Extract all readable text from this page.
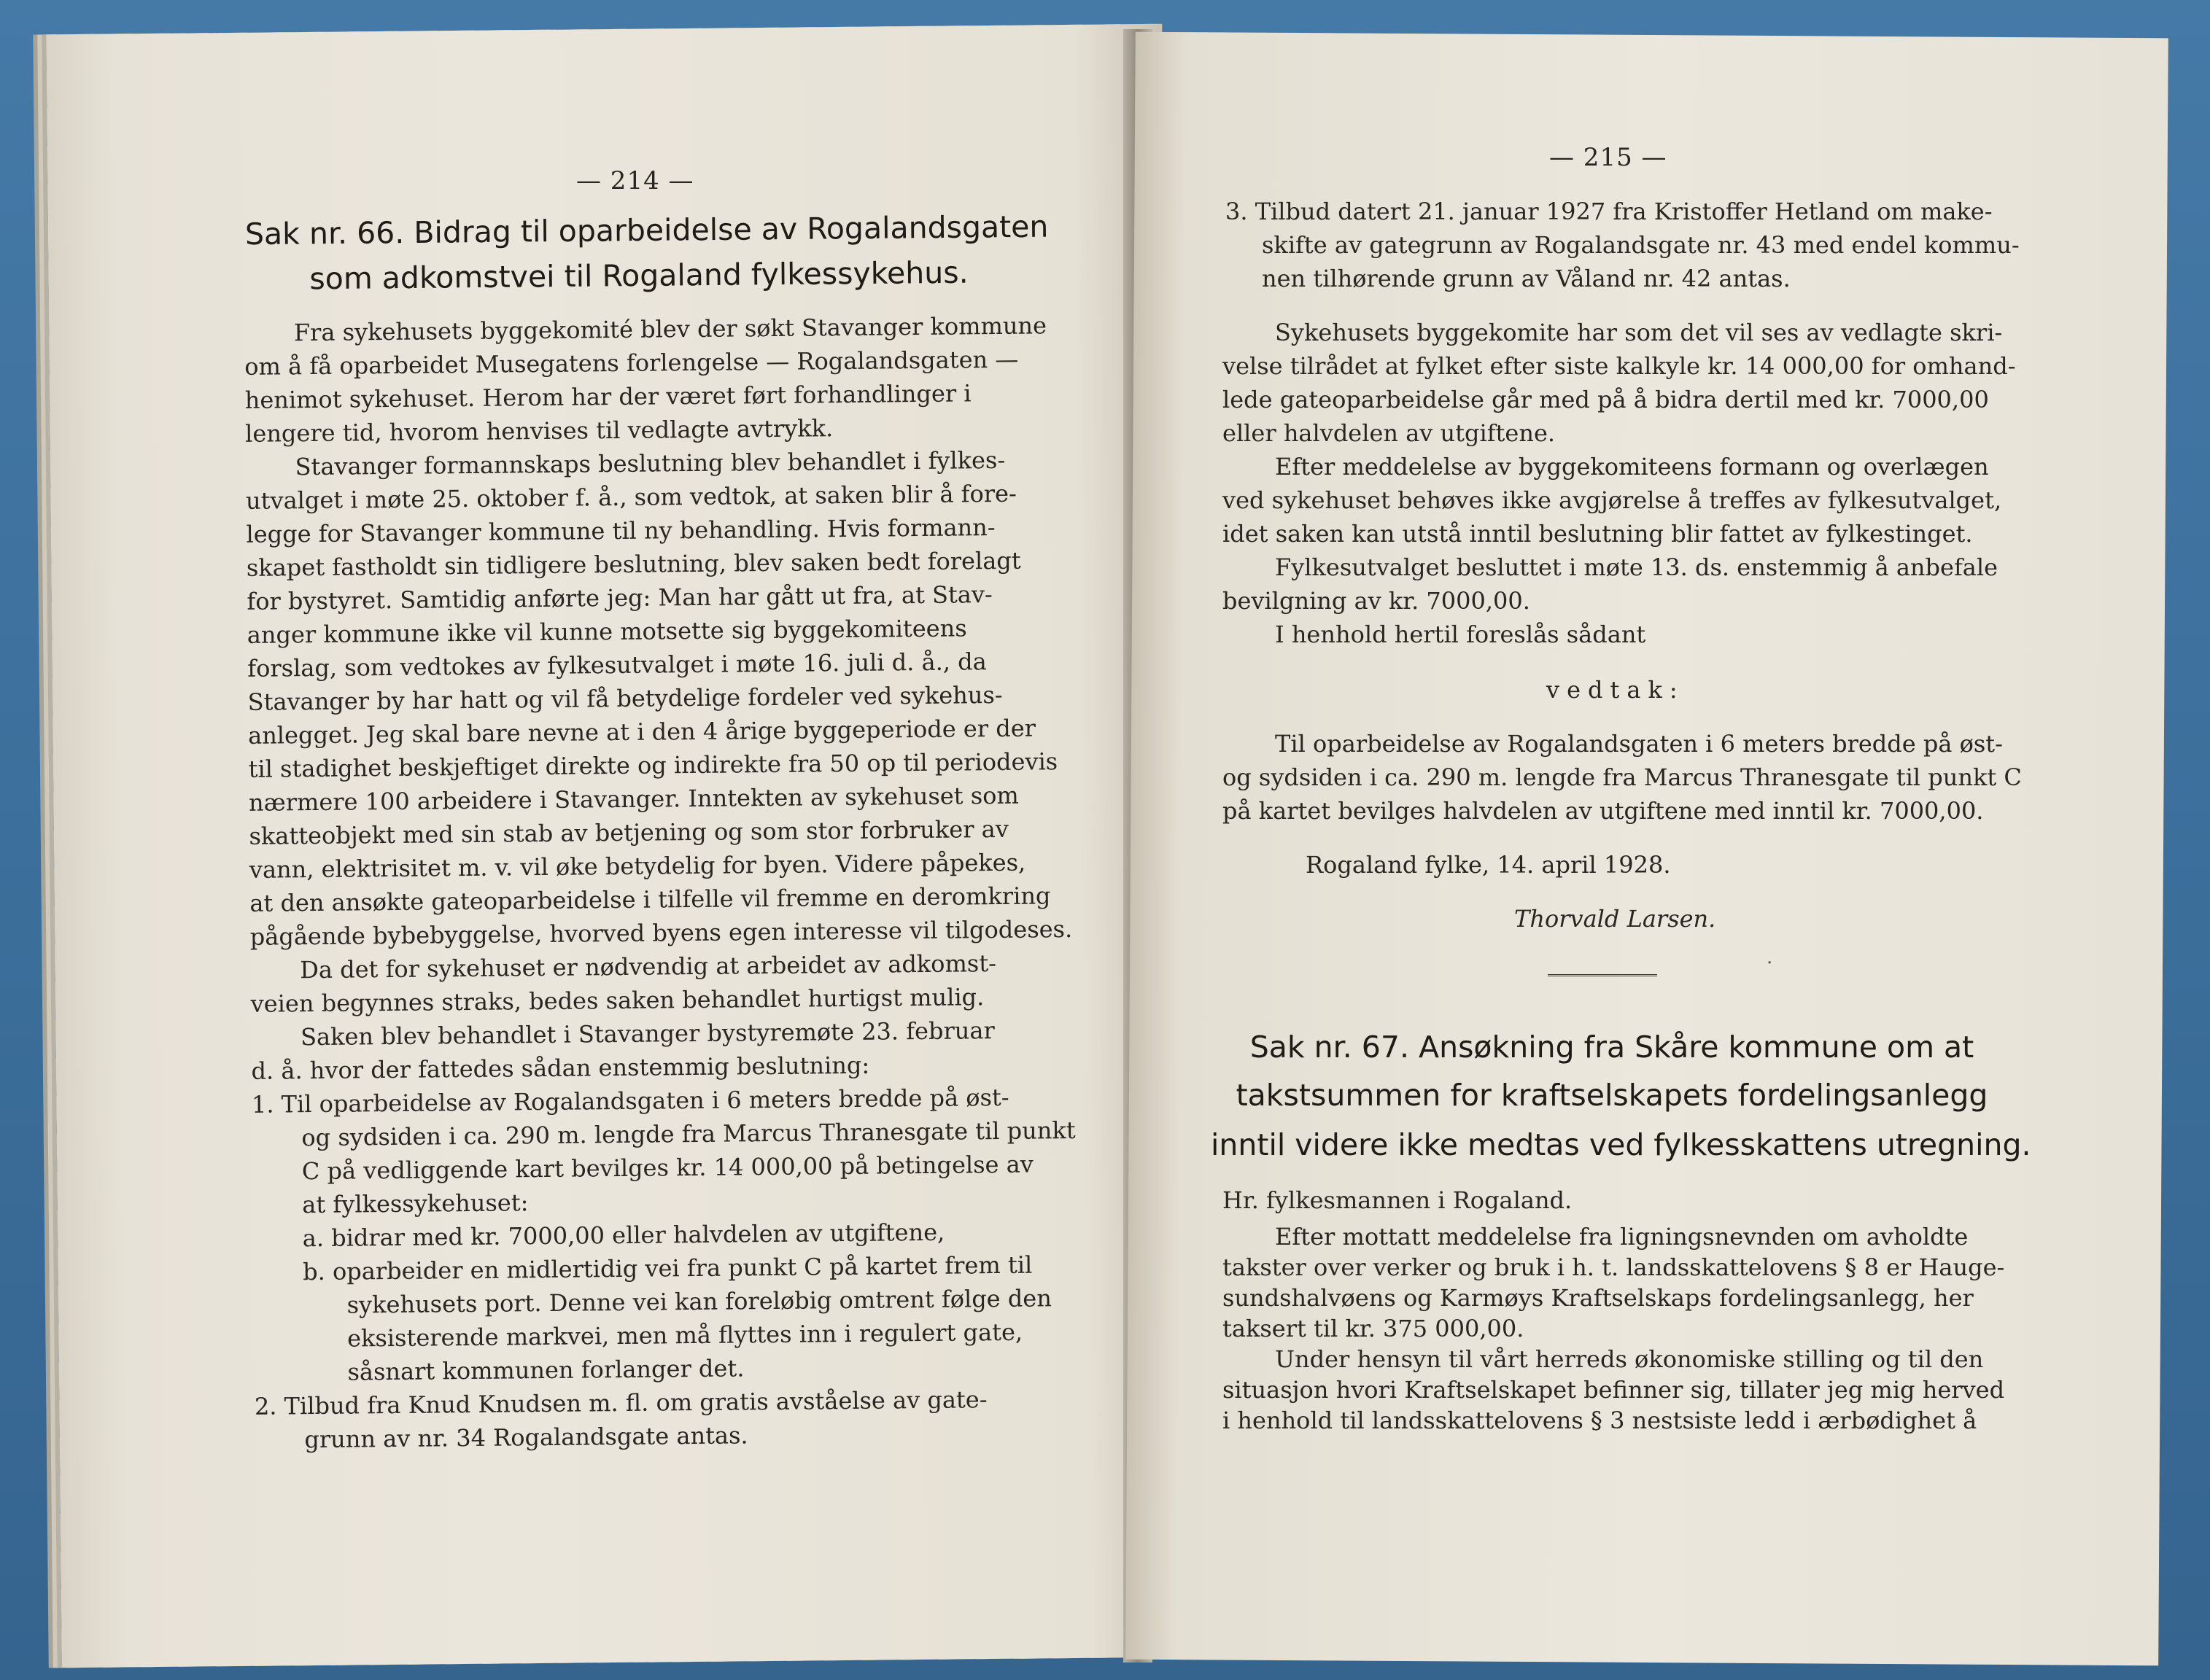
— 214 —
Sak nr. 66. Bidrag til oparbeidelse av Rogalandsgaten
som adkomstvei til Rogaland fylkessykehus.
Fra sykehusets byggekomité blev der søkt Stavanger kommune
om å få oparbeidet Musegatens forlengelse — Rogalandsgaten —
henimot sykehuset. Herom har der været ført forhandlinger i
lengere tid, hvorom henvises til vedlagte avtrykk.
Stavanger formannskaps beslutning blev behandlet i fylkes-
utvalget i møte 25. oktober f. å., som vedtok, at saken blir å fore-
legge for Stavanger kommune til ny behandling. Hvis formann-
skapet fastholdt sin tidligere beslutning, blev saken bedt forelagt
for bystyret. Samtidig anførte jeg: Man har gått ut fra, at Stav-
anger kommune ikke vil kunne motsette sig byggekomiteens
forslag, som vedtokes av fylkesutvalget i møte 16. juli d. å., da
Stavanger by har hatt og vil få betydelige fordeler ved sykehus-
anlegget. Jeg skal bare nevne at i den 4 årige byggeperiode er der
til stadighet beskjeftiget direkte og indirekte fra 50 op til periodevis
nærmere 100 arbeidere i Stavanger. Inntekten av sykehuset som
skatteobjekt med sin stab av betjening og som stor forbruker av
vann, elektrisitet m. v. vil øke betydelig for byen. Videre påpekes,
at den ansøkte gateoparbeidelse i tilfelle vil fremme en deromkring
pågående bybebyggelse, hvorved byens egen interesse vil tilgodeses.
Da det for sykehuset er nødvendig at arbeidet av adkomst-
veien begynnes straks, bedes saken behandlet hurtigst mulig.
Saken blev behandlet i Stavanger bystyremøte 23. februar
d. å. hvor der fattedes sådan enstemmig beslutning:
1. Til oparbeidelse av Rogalandsgaten i 6 meters bredde på øst-
og sydsiden i ca. 290 m. lengde fra Marcus Thranesgate til punkt
C på vedliggende kart bevilges kr. 14 000,00 på betingelse av
at fylkessykehuset:
a. bidrar med kr. 7000,00 eller halvdelen av utgiftene,
b. oparbeider en midlertidig vei fra punkt C på kartet frem til
sykehusets port. Denne vei kan foreløbig omtrent følge den
eksisterende markvei, men må flyttes inn i regulert gate,
såsnart kommunen forlanger det.
2. Tilbud fra Knud Knudsen m. fl. om gratis avståelse av gate-
grunn av nr. 34 Rogalandsgate antas.
— 215 —
3. Tilbud datert 21. januar 1927 fra Kristoffer Hetland om make-
skifte av gategrunn av Rogalandsgate nr. 43 med endel kommu-
nen tilhørende grunn av Våland nr. 42 antas.
Sykehusets byggekomite har som det vil ses av vedlagte skri-
velse tilrådet at fylket efter siste kalkyle kr. 14 000,00 for omhand-
lede gateoparbeidelse går med på å bidra dertil med kr. 7000,00
eller halvdelen av utgiftene.
Efter meddelelse av byggekomiteens formann og overlægen
ved sykehuset behøves ikke avgjørelse å treffes av fylkesutvalget,
idet saken kan utstå inntil beslutning blir fattet av fylkestinget.
Fylkesutvalget besluttet i møte 13. ds. enstemmig å anbefale
bevilgning av kr. 7000,00.
I henhold hertil foreslås sådant
vedtak:
Til oparbeidelse av Rogalandsgaten i 6 meters bredde på øst-
og sydsiden i ca. 290 m. lengde fra Marcus Thranesgate til punkt C
på kartet bevilges halvdelen av utgiftene med inntil kr. 7000,00.
Rogaland fylke, 14. april 1928.
Thorvald Larsen.
·
Sak nr. 67. Ansøkning fra Skåre kommune om at
takstsummen for kraftselskapets fordelingsanlegg
inntil videre ikke medtas ved fylkesskattens utregning.
Hr. fylkesmannen i Rogaland.
Efter mottatt meddelelse fra ligningsnevnden om avholdte
takster over verker og bruk i h. t. landsskattelovens § 8 er Hauge-
sundshalvøens og Karmøys Kraftselskaps fordelingsanlegg, her
taksert til kr. 375 000,00.
Under hensyn til vårt herreds økonomiske stilling og til den
situasjon hvori Kraftselskapet befinner sig, tillater jeg mig herved
i henhold til landsskattelovens § 3 nestsiste ledd i ærbødighet å
